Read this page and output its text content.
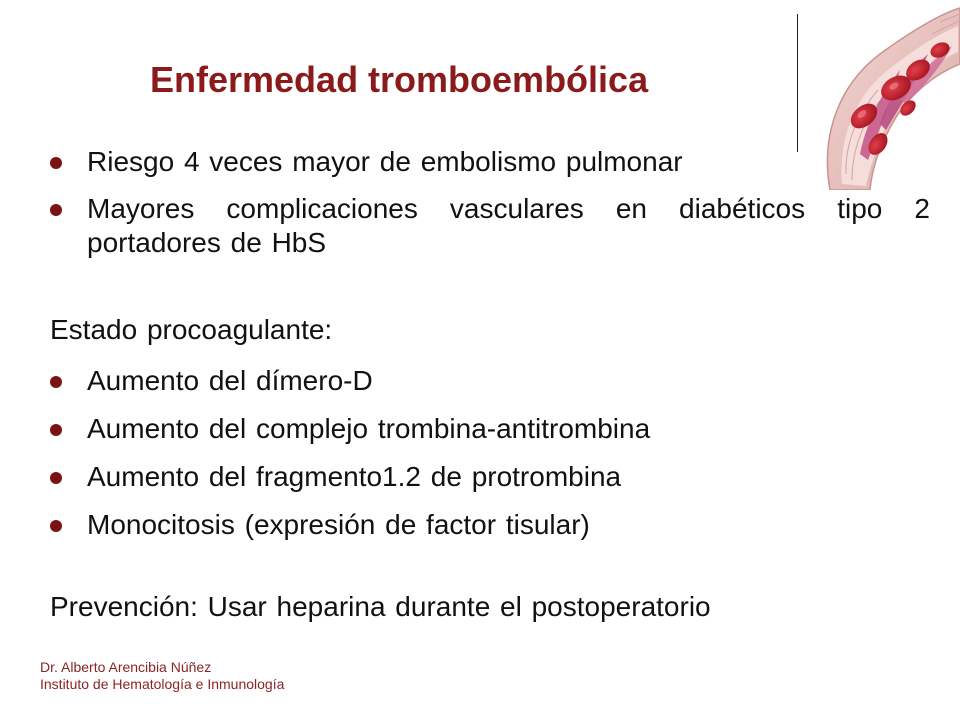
Enfermedad tromboembólica
Riesgo 4 veces mayor de embolismo pulmonar
Mayores complicaciones vasculares en diabéticos tipo 2 portadores de HbS

Estado procoagulante:

Aumento del dímero-D
Aumento del complejo trombina-antitrombina
Aumento del fragmento1.2 de protrombina
Monocitosis (expresión de factor tisular)

Prevención: Usar heparina durante el postoperatorio

Dr. Alberto Arencibia Núñez
Instituto de Hematología e Inmunología
